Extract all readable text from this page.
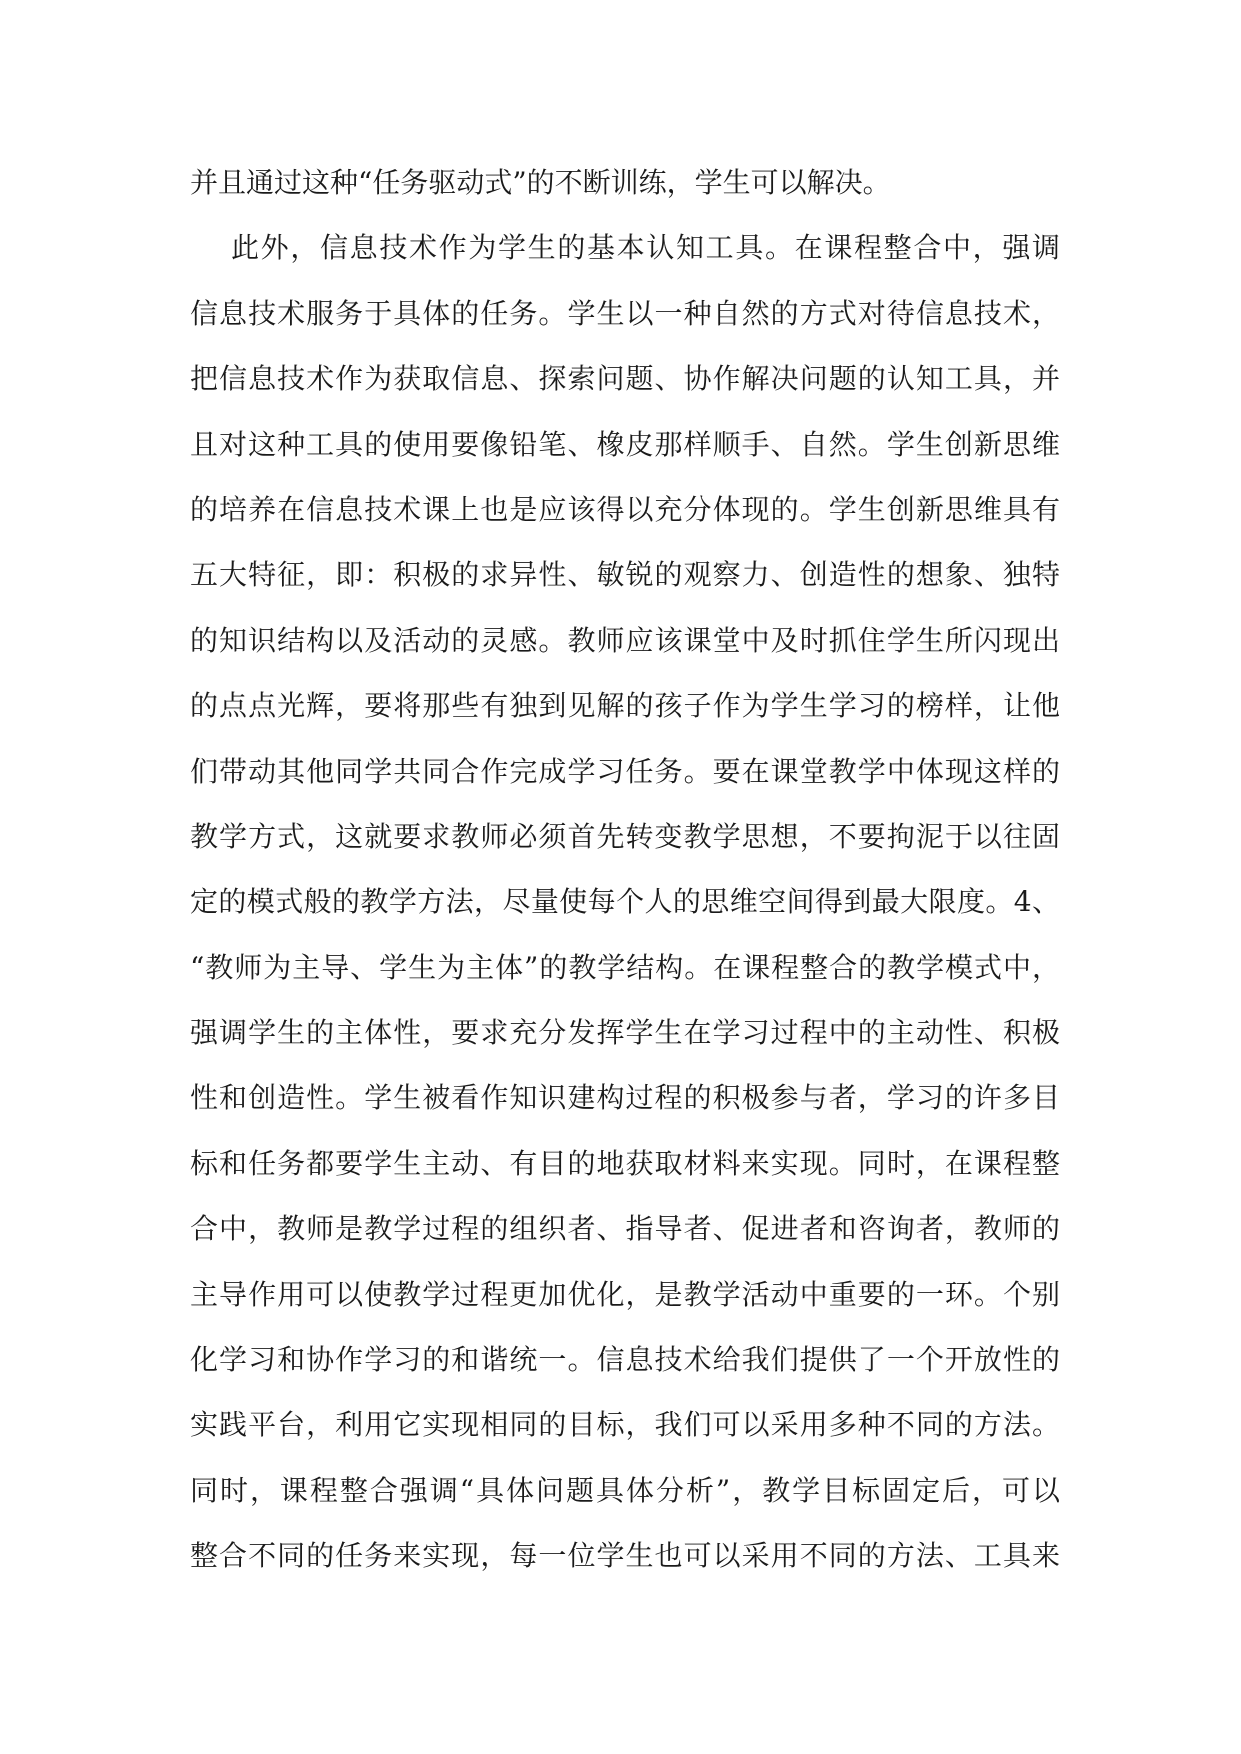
并且通过这种“任务驱动式”的不断训练，学生可以解决。
此外，信息技术作为学生的基本认知工具。在课程整合中，强调
信息技术服务于具体的任务。学生以一种自然的方式对待信息技术，
把信息技术作为获取信息、探索问题、协作解决问题的认知工具，并
且对这种工具的使用要像铅笔、橡皮那样顺手、自然。学生创新思维
的培养在信息技术课上也是应该得以充分体现的。学生创新思维具有
五大特征，即：积极的求异性、敏锐的观察力、创造性的想象、独特
的知识结构以及活动的灵感。教师应该课堂中及时抓住学生所闪现出
的点点光辉，要将那些有独到见解的孩子作为学生学习的榜样，让他
们带动其他同学共同合作完成学习任务。要在课堂教学中体现这样的
教学方式，这就要求教师必须首先转变教学思想，不要拘泥于以往固
定的模式般的教学方法，尽量使每个人的思维空间得到最大限度。4、
“教师为主导、学生为主体”的教学结构。在课程整合的教学模式中，
强调学生的主体性，要求充分发挥学生在学习过程中的主动性、积极
性和创造性。学生被看作知识建构过程的积极参与者，学习的许多目
标和任务都要学生主动、有目的地获取材料来实现。同时，在课程整
合中，教师是教学过程的组织者、指导者、促进者和咨询者，教师的
主导作用可以使教学过程更加优化，是教学活动中重要的一环。个别
化学习和协作学习的和谐统一。信息技术给我们提供了一个开放性的
实践平台，利用它实现相同的目标，我们可以采用多种不同的方法。
同时，课程整合强调“具体问题具体分析”，教学目标固定后，可以
整合不同的任务来实现，每一位学生也可以采用不同的方法、工具来
